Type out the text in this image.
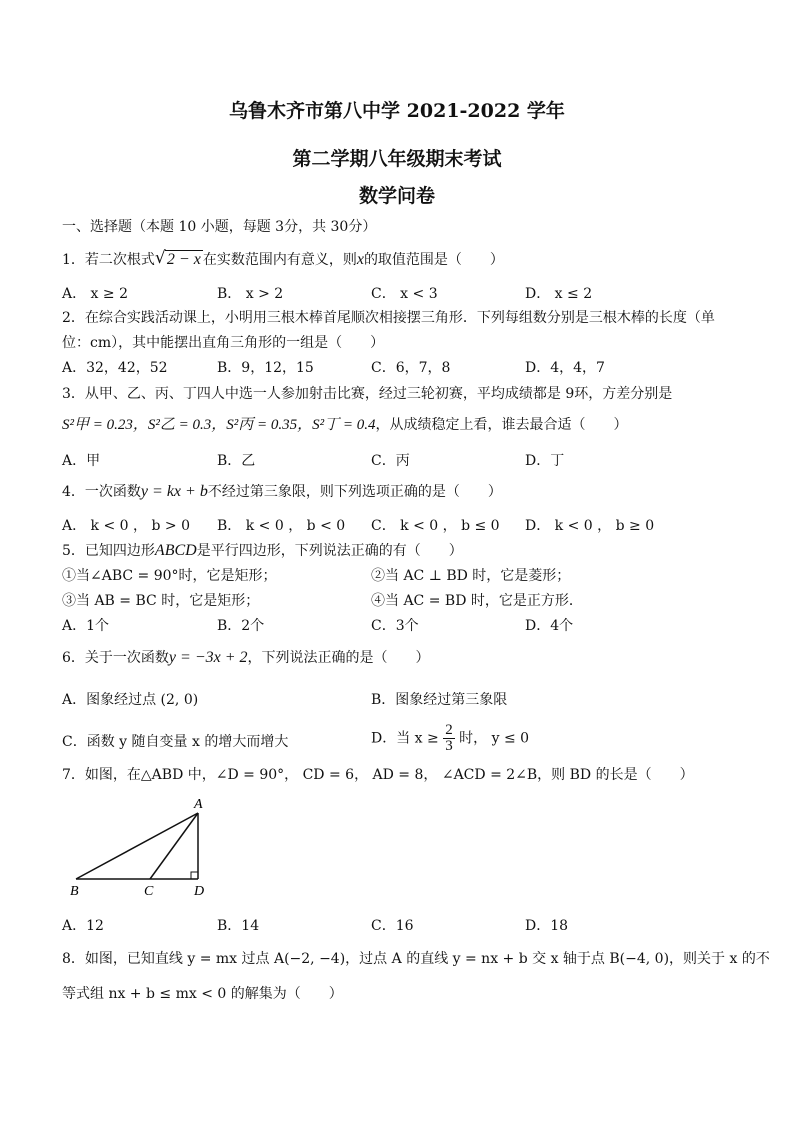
乌鲁木齐市第八中学 2021-2022 学年
第二学期八年级期末考试
数学问卷
一、选择题（本题 10 小题，每题 3分，共 30分）
1．若二次根式 √ 2 − x 在实数范围内有意义，则x的取值范围是（　　）
A． x ≥ 2	B． x > 2	C． x < 3	D． x ≤ 2
2．在综合实践活动课上，小明用三根木棒首尾顺次相接摆三角形．下列每组数分别是三根木棒的长度（单
位：cm），其中能摆出直角三角形的一组是（　　）
A．32，42，52	B．9，12，15	C．6，7，8	D．4，4，7
3．从甲、乙、丙、丁四人中选一人参加射击比赛，经过三轮初赛，平均成绩都是 9环，方差分别是
S²甲 = 0.23，S²乙 = 0.3，S²丙 = 0.35，S²丁 = 0.4，从成绩稳定上看，谁去最合适（　　）
A．甲	B．乙	C．丙	D．丁
4．一次函数y = kx + b不经过第三象限，则下列选项正确的是（　　）
A． k < 0 ， b > 0 B． k < 0 ， b < 0 C． k < 0 ， b ≤ 0 D． k < 0 ， b ≥ 0
5．已知四边形ABCD是平行四边形，下列说法正确的有（　　）
①当∠ABC = 90°时，它是矩形；	②当 AC ⊥ BD 时，它是菱形；
③当 AB = BC 时，它是矩形；	④当 AC = BD 时，它是正方形．
A．1个	B．2个	C．3个	D．4个
6．关于一次函数y = −3x + 2，下列说法正确的是（　　）
A．图象经过点 (2, 0)	B．图象经过第三象限
C．函数 y 随自变量 x 的增大而增大	D．当 $x \ge \frac{2}{3}$ 时， y ≤ 0
7．如图，在△ABD 中，∠D = 90°， CD = 6， AD = 8， ∠ACD = 2∠B，则 BD 的长是（　　）
A
B	C	D
A．12	B．14	C．16	D．18
8．如图，已知直线 y = mx 过点 A(−2, −4)，过点 A 的直线 y = nx + b 交 x 轴于点 B(−4, 0)，则关于 x 的不
等式组 nx + b ≤ mx < 0 的解集为（　　）
